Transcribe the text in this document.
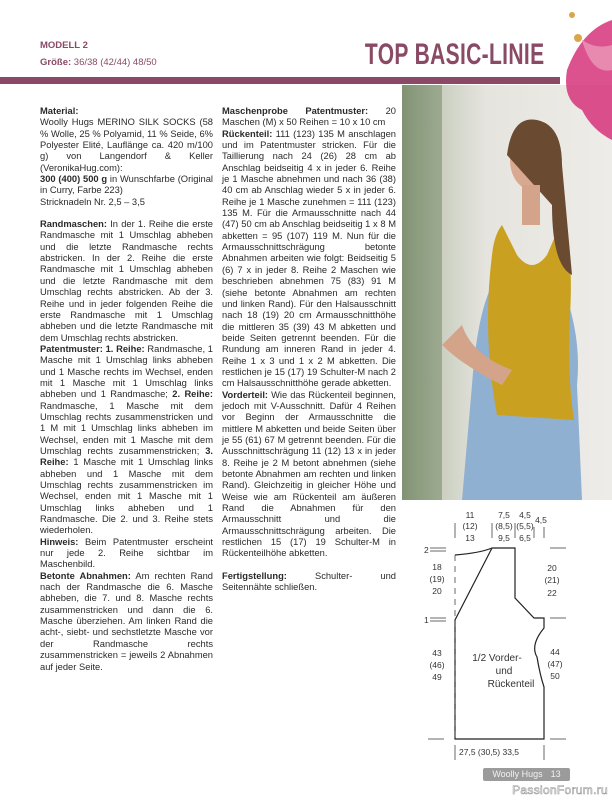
MODELL 2
Größe: 36/38 (42/44) 48/50	TOP BASIC-LINIE

Material:
Woolly Hugs MERINO SILK SOCKS (58 % Wolle, 25 % Polyamid, 11 % Seide, 6% Polyester Elité, Lauflänge ca. 420 m/100 g) von Langendorf & Keller (VeronikaHug.com):
300 (400) 500 g in Wunschfarbe (Original in Curry, Farbe 223)
Stricknadeln Nr. 2,5 – 3,5

Randmaschen: In der 1. Reihe die erste Randmasche mit 1 Umschlag abheben und die letzte Randmasche rechts abstricken. In der 2. Reihe die erste Randmasche mit 1 Umschlag abheben und die letzte Randmasche mit dem Umschlag rechts abstricken. Ab der 3. Reihe und in jeder folgenden Reihe die erste Randmasche mit 1 Umschlag abheben und die letzte Randmasche mit dem Umschlag rechts abstricken.

Patentmuster: 1. Reihe: Randmasche, 1 Masche mit 1 Umschlag links abheben und 1 Masche rechts im Wechsel, enden mit 1 Masche mit 1 Umschlag links abheben und 1 Randmasche; 2. Reihe: Randmasche, 1 Masche mit dem Umschlag rechts zusammenstricken und 1 M mit 1 Umschlag links abheben im Wechsel, enden mit 1 Masche mit dem Umschlag rechts zusammenstricken; 3. Reihe: 1 Masche mit 1 Umschlag links abheben und 1 Masche mit dem Umschlag rechts zusammenstricken im Wechsel, enden mit 1 Masche mit 1 Umschlag links abheben und 1 Randmasche. Die 2. und 3. Reihe stets wiederholen.

Hinweis: Beim Patentmuster erscheint nur jede 2. Reihe sichtbar im Maschenbild.

Betonte Abnahmen: Am rechten Rand nach der Randmasche die 6. Masche abheben, die 7. und 8. Masche rechts zusammenstricken und dann die 6. Masche überziehen. Am linken Rand die acht-, siebt- und sechstletzte Masche vor der Randmasche rechts zusammenstricken = jeweils 2 Abnahmen auf jeder Seite.

Maschenprobe Patentmuster: 20 Maschen (M) x 50 Reihen = 10 x 10 cm

Rückenteil: 111 (123) 135 M anschlagen und im Patentmuster stricken. Für die Taillierung nach 24 (26) 28 cm ab Anschlag beidseitig 4 x in jeder 6. Reihe je 1 Masche abnehmen und nach 36 (38) 40 cm ab Anschlag wieder 5 x in jeder 6. Reihe je 1 Masche zunehmen = 111 (123) 135 M. Für die Armausschnitte nach 44 (47) 50 cm ab Anschlag beidseitig 1 x 8 M abketten = 95 (107) 119 M. Nun für die Armausschnittschrägung betonte Abnahmen arbeiten wie folgt: Beidseitig 5 (6) 7 x in jeder 8. Reihe 2 Maschen wie beschrieben abnehmen 75 (83) 91 M (siehe betonte Abnahmen am rechten und linken Rand). Für den Halsausschnitt nach 18 (19) 20 cm Armausschnitthöhe die mittleren 35 (39) 43 M abketten und beide Seiten getrennt beenden. Für die Rundung am inneren Rand in jeder 4. Reihe 1 x 3 und 1 x 2 M abketten. Die restlichen je 15 (17) 19 Schulter-M nach 2 cm Halsausschnitthöhe gerade abketten.

Vorderteil: Wie das Rückenteil beginnen, jedoch mit V-Ausschnitt. Dafür 4 Reihen vor Beginn der Armausschnitte die mittlere M abketten und beide Seiten über je 55 (61) 67 M getrennt beenden. Für die Ausschnittschrägung 11 (12) 13 x in jeder 8. Reihe je 2 M betont abnehmen (siehe betonte Abnahmen am rechten und linken Rand). Gleichzeitig in gleicher Höhe und Weise wie am Rückenteil am äußeren Rand die Abnahmen für den Armausschnitt und die Armausschnittschrägung arbeiten. Die restlichen 15 (17) 19 Schulter-M in Rückenteilhöhe abketten.

Fertigstellung: Schulter- und Seitennähte schließen.

11
(12)
13
7,5
(8,5)
9,5
4,5
(5,5)
6,5
4,5
18
(19)
20
20
(21)
22
43
(46)
49
44
(47)
50
1/2 Vorder-
und
Rückenteil
2
1
27,5 (30,5) 33,5
Woolly Hugs 13
PassionForum.ru
